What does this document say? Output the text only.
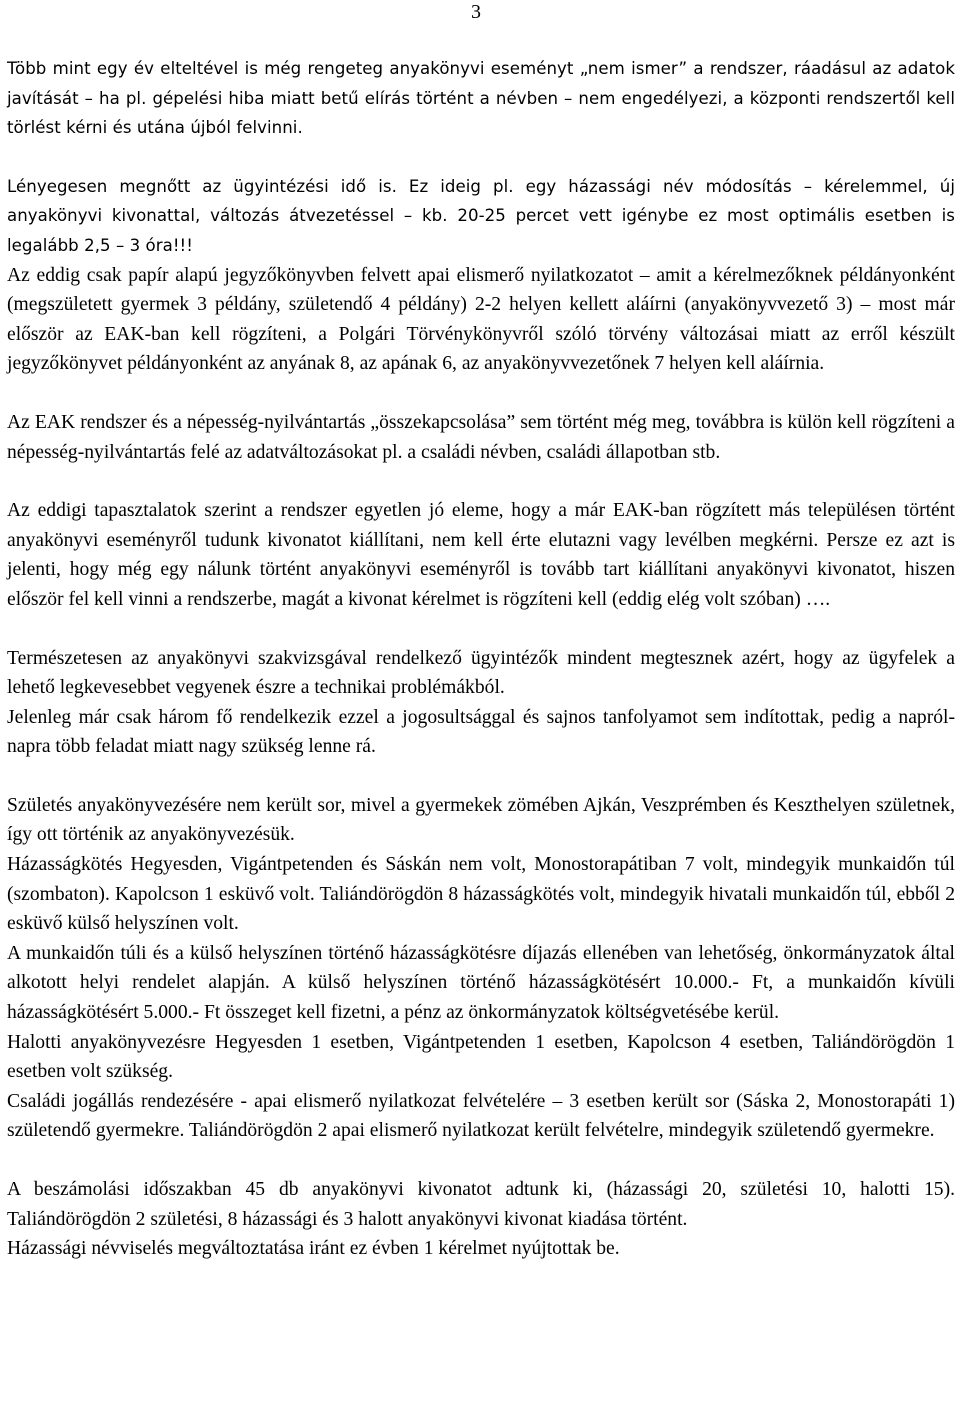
3

Több mint egy év elteltével is még rengeteg anyakönyvi eseményt „nem ismer” a rendszer, ráadásul az adatok javítását – ha pl. gépelési hiba miatt betű elírás történt a névben – nem engedélyezi, a központi rendszertől kell törlést kérni és utána újból felvinni.

Lényegesen megnőtt az ügyintézési idő is. Ez ideig pl. egy házassági név módosítás – kérelemmel, új anyakönyvi kivonattal, változás átvezetéssel – kb. 20-25 percet vett igénybe ez most optimális esetben is legalább 2,5 – 3 óra!!!

Az eddig csak papír alapú jegyzőkönyvben felvett apai elismerő nyilatkozatot – amit a kérelmezőknek példányonként (megszületett gyermek 3 példány, születendő 4 példány) 2-2 helyen kellett aláírni (anyakönyvvezető 3) – most már először az EAK-ban kell rögzíteni, a Polgári Törvénykönyvről szóló törvény változásai miatt az erről készült jegyzőkönyvet példányonként az anyának 8, az apának 6, az anyakönyvvezetőnek 7 helyen kell aláírnia.

Az EAK rendszer és a népesség-nyilvántartás „összekapcsolása” sem történt még meg, továbbra is külön kell rögzíteni a népesség-nyilvántartás felé az adatváltozásokat pl. a családi névben, családi állapotban stb.

Az eddigi tapasztalatok szerint a rendszer egyetlen jó eleme, hogy a már EAK-ban rögzített más településen történt anyakönyvi eseményről tudunk kivonatot kiállítani, nem kell érte elutazni vagy levélben megkérni. Persze ez azt is jelenti, hogy még egy nálunk történt anyakönyvi eseményről is tovább tart kiállítani anyakönyvi kivonatot, hiszen először fel kell vinni a rendszerbe, magát a kivonat kérelmet is rögzíteni kell (eddig elég volt szóban) ….

Természetesen az anyakönyvi szakvizsgával rendelkező ügyintézők mindent megtesznek azért, hogy az ügyfelek a lehető legkevesebbet vegyenek észre a technikai problémákból.

Jelenleg már csak három fő rendelkezik ezzel a jogosultsággal és sajnos tanfolyamot sem indítottak, pedig a napról-napra több feladat miatt nagy szükség lenne rá.

Születés anyakönyvezésére nem került sor, mivel a gyermekek zömében Ajkán, Veszprémben és Keszthelyen születnek, így ott történik az anyakönyvezésük.

Házasságkötés Hegyesden, Vigántpetenden és Sáskán nem volt, Monostorapátiban 7 volt, mindegyik munkaidőn túl (szombaton). Kapolcson 1 esküvő volt. Taliándörögdön 8 házasságkötés volt, mindegyik hivatali munkaidőn túl, ebből 2 esküvő külső helyszínen volt.

A munkaidőn túli és a külső helyszínen történő házasságkötésre díjazás ellenében van lehetőség, önkormányzatok által alkotott helyi rendelet alapján. A külső helyszínen történő házasságkötésért 10.000.- Ft, a munkaidőn kívüli házasságkötésért 5.000.- Ft összeget kell fizetni, a pénz az önkormányzatok költségvetésébe kerül.

Halotti anyakönyvezésre Hegyesden 1 esetben, Vigántpetenden 1 esetben, Kapolcson 4 esetben, Taliándörögdön 1 esetben volt szükség.

Családi jogállás rendezésére - apai elismerő nyilatkozat felvételére – 3 esetben került sor (Sáska 2, Monostorapáti 1) születendő gyermekre. Taliándörögdön 2 apai elismerő nyilatkozat került felvételre, mindegyik születendő gyermekre.

A beszámolási időszakban 45 db anyakönyvi kivonatot adtunk ki, (házassági 20, születési 10, halotti 15). Taliándörögdön 2 születési, 8 házassági és 3 halott anyakönyvi kivonat kiadása történt.

Házassági névviselés megváltoztatása iránt ez évben 1 kérelmet nyújtottak be.
